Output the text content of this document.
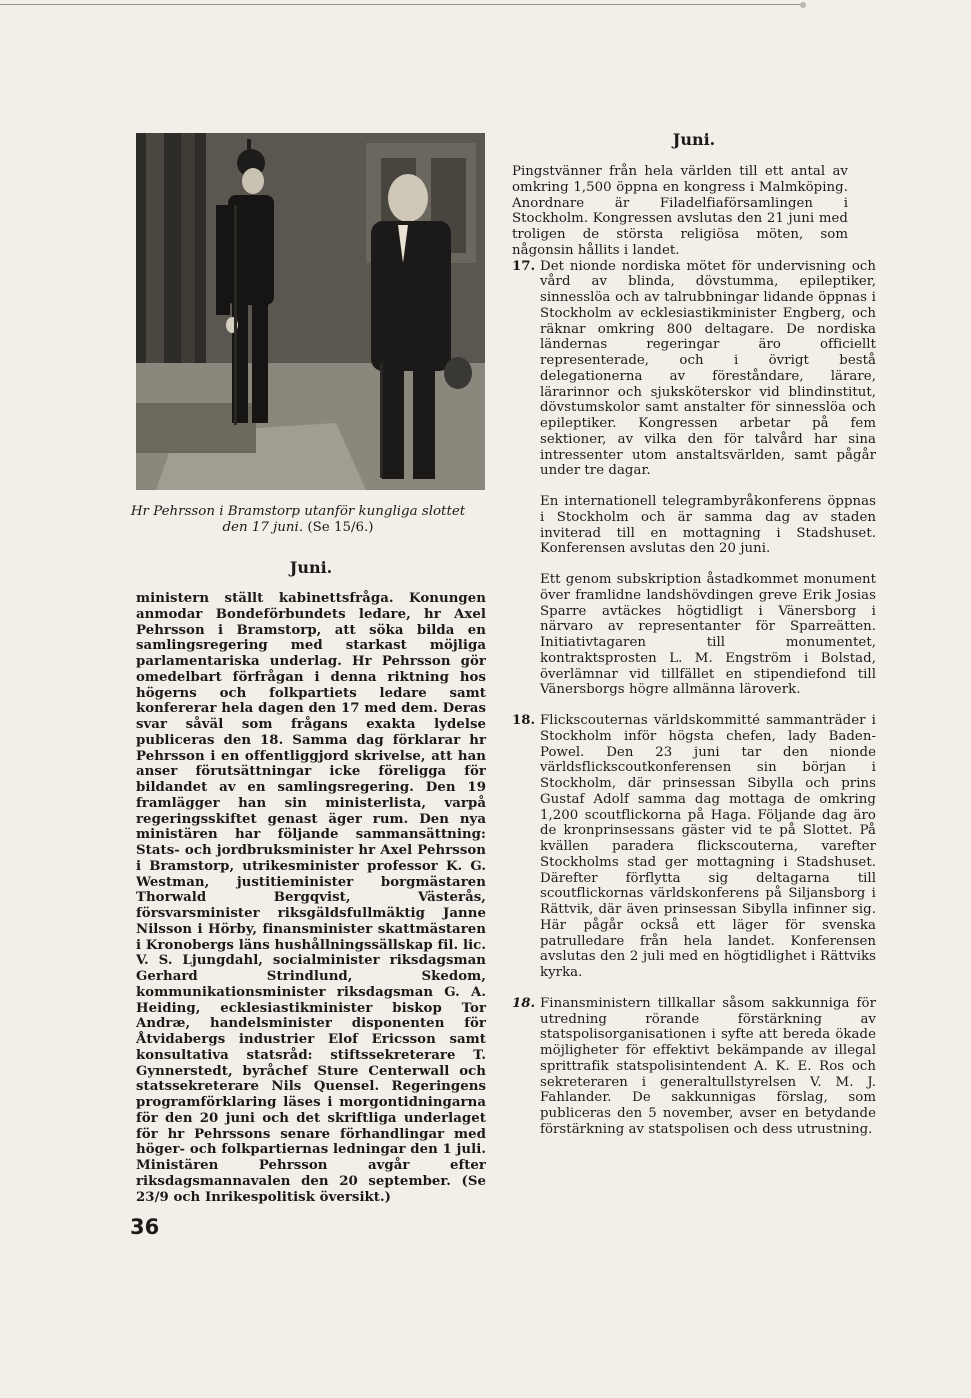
Hr Pehrsson i Bramstorp utanför kungliga slottet den 17 juni. (Se 15/6.)
Juni.

ministern ställt kabinettsfråga. Konungen anmodar Bondeförbundets ledare, hr Axel Pehrsson i Bramstorp, att söka bilda en samlingsregering med starkast möjliga parlamentariska underlag. Hr Pehrsson gör omedelbart förfrågan i denna riktning hos högerns och folkpartiets ledare samt konfererar hela dagen den 17 med dem. Deras svar såväl som frågans exakta lydelse publiceras den 18. Samma dag förklarar hr Pehrsson i en offentliggjord skrivelse, att han anser förutsättningar icke föreligga för bildandet av en samlingsregering. Den 19 framlägger han sin ministerlista, varpå regeringsskiftet genast äger rum. Den nya ministären har följande sammansättning: Stats- och jordbruksminister hr Axel Pehrsson i Bramstorp, utrikesminister professor K. G. Westman, justitieminister borgmästaren Thorwald Bergqvist, Västerås, försvarsminister riksgäldsfullmäktig Janne Nilsson i Hörby, finansminister skattmästaren i Kronobergs läns hushållningssällskap fil. lic. V. S. Ljungdahl, socialminister riksdagsman Gerhard Strindlund, Skedom, kommunikationsminister riksdagsman G. A. Heiding, ecklesiastikminister biskop Tor Andræ, handelsminister disponenten för Åtvidabergs industrier Elof Ericsson samt konsultativa statsråd: stiftssekreterare T. Gynnerstedt, byråchef Sture Centerwall och statssekreterare Nils Quensel. Regeringens programförklaring läses i morgontidningarna för den 20 juni och det skriftliga underlaget för hr Pehrssons senare förhandlingar med höger- och folkpartiernas ledningar den 1 juli. Ministären Pehrsson avgår efter riksdagsmannavalen den 20 september. (Se 23/9 och Inrikespolitisk översikt.)

Juni.

Pingstvänner från hela världen till ett antal av omkring 1,500 öppna en kongress i Malmköping. Anordnare är Filadelfiaförsamlingen i Stockholm. Kongressen avslutas den 21 juni med troligen de största religiösa möten, som någonsin hållits i landet.

17. Det nionde nordiska mötet för undervisning och vård av blinda, dövstumma, epileptiker, sinnesslöa och av talrubbningar lidande öppnas i Stockholm av ecklesiastikminister Engberg, och räknar omkring 800 deltagare. De nordiska ländernas regeringar äro officiellt representerade, och i övrigt bestå delegationerna av föreståndare, lärare, lärarinnor och sjuksköterskor vid blindinstitut, dövstumskolor samt anstalter för sinnesslöa och epileptiker. Kongressen arbetar på fem sektioner, av vilka den för talvård har sina intressenter utom anstaltsvärlden, samt pågår under tre dagar.

En internationell telegrambyråkonferens öppnas i Stockholm och är samma dag av staden inviterad till en mottagning i Stadshuset. Konferensen avslutas den 20 juni.

Ett genom subskription åstadkommet monument över framlidne landshövdingen greve Erik Josias Sparre avtäckes högtidligt i Vänersborg i närvaro av representanter för Sparreätten. Initiativtagaren till monumentet, kontraktsprosten L. M. Engström i Bolstad, överlämnar vid tillfället en stipendiefond till Vänersborgs högre allmänna läroverk.

18. Flickscouternas världskommitté sammanträder i Stockholm inför högsta chefen, lady Baden-Powel. Den 23 juni tar den nionde världsflickscoutkonferensen sin början i Stockholm, där prinsessan Sibylla och prins Gustaf Adolf samma dag mottaga de omkring 1,200 scoutflickorna på Haga. Följande dag äro de kronprinsessans gäster vid te på Slottet. På kvällen paradera flickscouterna, varefter Stockholms stad ger mottagning i Stadshuset. Därefter förflytta sig deltagarna till scoutflickornas världskonferens på Siljansborg i Rättvik, där även prinsessan Sibylla infinner sig. Här pågår också ett läger för svenska patrulledare från hela landet. Konferensen avslutas den 2 juli med en högtidlighet i Rättviks kyrka.

18. Finansministern tillkallar såsom sakkunniga för utredning rörande förstärkning av statspolisorganisationen i syfte att bereda ökade möjligheter för effektivt bekämpande av illegal sprittrafik statspolisintendent A. K. E. Ros och sekreteraren i generaltullstyrelsen V. M. J. Fahlander. De sakkunnigas förslag, som publiceras den 5 november, avser en betydande förstärkning av statspolisen och dess utrustning.

36
